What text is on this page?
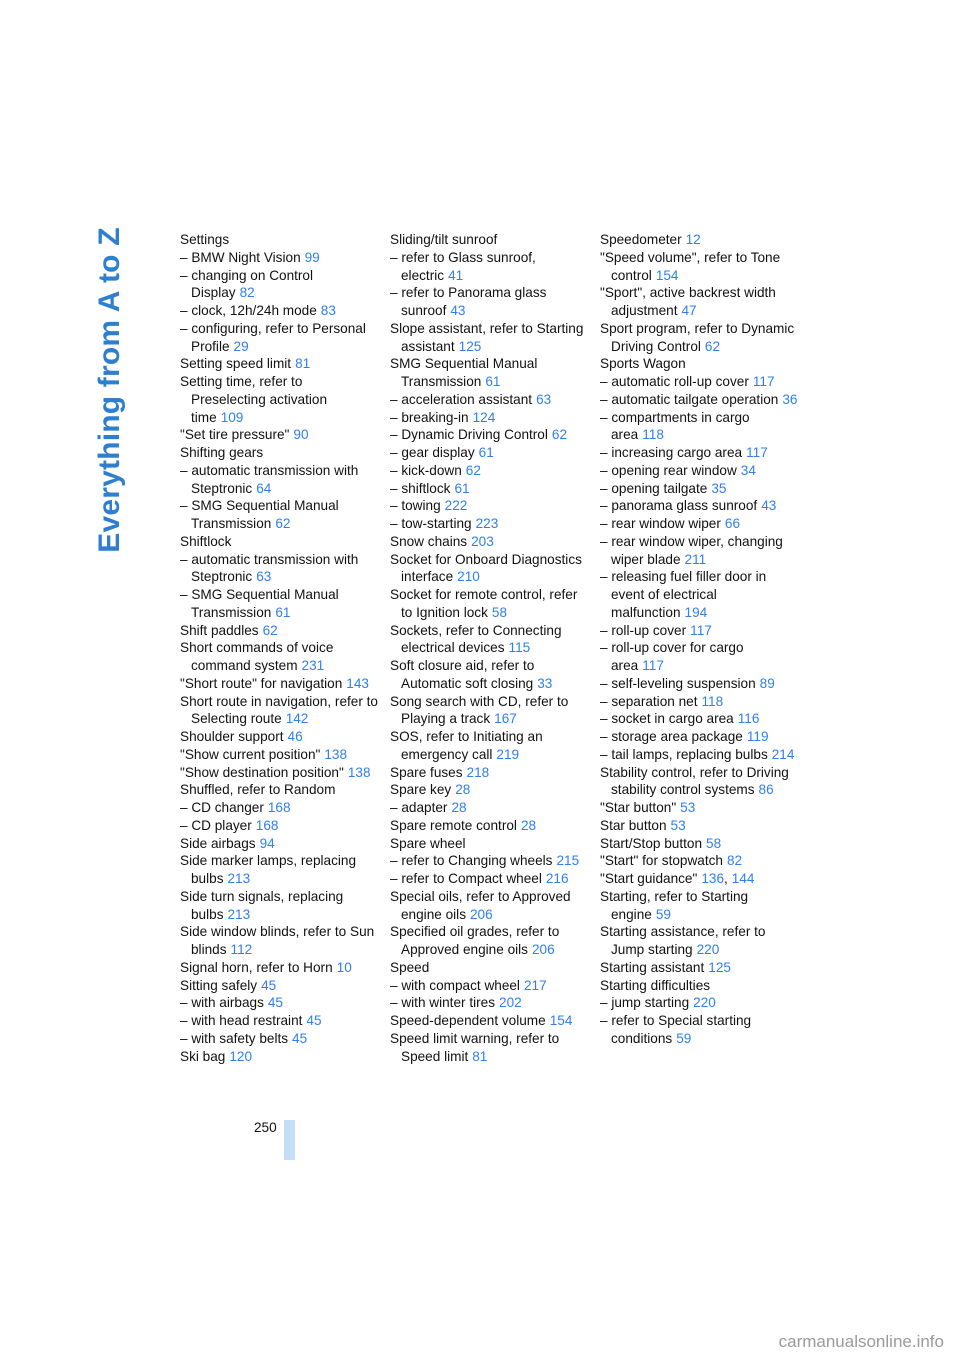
Everything from A to Z	Settings

– BMW Night Vision 99

– changing on Control Display 82

– clock, 12h/24h mode 83

– configuring, refer to Personal Profile 29

Setting speed limit 81

Setting time, refer to Preselecting activation time 109

"Set tire pressure" 90

Shifting gears

– automatic transmission with Steptronic 64

– SMG Sequential Manual Transmission 62

Shiftlock

– automatic transmission with Steptronic 63

– SMG Sequential Manual Transmission 61

Shift paddles 62

Short commands of voice command system 231

"Short route" for navigation 143

Short route in navigation, refer to Selecting route 142

Shoulder support 46

"Show current position" 138

"Show destination position" 138

Shuffled, refer to Random

– CD changer 168

– CD player 168

Side airbags 94

Side marker lamps, replacing bulbs 213

Side turn signals, replacing bulbs 213

Side window blinds, refer to Sun blinds 112

Signal horn, refer to Horn 10

Sitting safely 45

– with airbags 45

– with head restraint 45

– with safety belts 45

Ski bag 120

Sliding/tilt sunroof

– refer to Glass sunroof, electric 41

– refer to Panorama glass sunroof 43

Slope assistant, refer to Starting assistant 125

SMG Sequential Manual Transmission 61

– acceleration assistant 63

– breaking-in 124

– Dynamic Driving Control 62

– gear display 61

– kick-down 62

– shiftlock 61

– towing 222

– tow-starting 223

Snow chains 203

Socket for Onboard Diagnostics interface 210

Socket for remote control, refer to Ignition lock 58

Sockets, refer to Connecting electrical devices 115

Soft closure aid, refer to Automatic soft closing 33

Song search with CD, refer to Playing a track 167

SOS, refer to Initiating an emergency call 219

Spare fuses 218

Spare key 28

– adapter 28

Spare remote control 28

Spare wheel

– refer to Changing wheels 215

– refer to Compact wheel 216

Special oils, refer to Approved engine oils 206

Specified oil grades, refer to Approved engine oils 206

Speed

– with compact wheel 217

– with winter tires 202

Speed-dependent volume 154

Speed limit warning, refer to Speed limit 81

Speedometer 12

"Speed volume", refer to Tone control 154

"Sport", active backrest width adjustment 47

Sport program, refer to Dynamic Driving Control 62

Sports Wagon

– automatic roll-up cover 117

– automatic tailgate operation 36

– compartments in cargo area 118

– increasing cargo area 117

– opening rear window 34

– opening tailgate 35

– panorama glass sunroof 43

– rear window wiper 66

– rear window wiper, changing wiper blade 211

– releasing fuel filler door in event of electrical malfunction 194

– roll-up cover 117

– roll-up cover for cargo area 117

– self-leveling suspension 89

– separation net 118

– socket in cargo area 116

– storage area package 119

– tail lamps, replacing bulbs 214

Stability control, refer to Driving stability control systems 86

"Star button" 53

Star button 53

Start/Stop button 58

"Start" for stopwatch 82

"Start guidance" 136, 144

Starting, refer to Starting engine 59

Starting assistance, refer to Jump starting 220

Starting assistant 125

Starting difficulties

– jump starting 220

– refer to Special starting conditions 59

250
carmanualsonline.info
